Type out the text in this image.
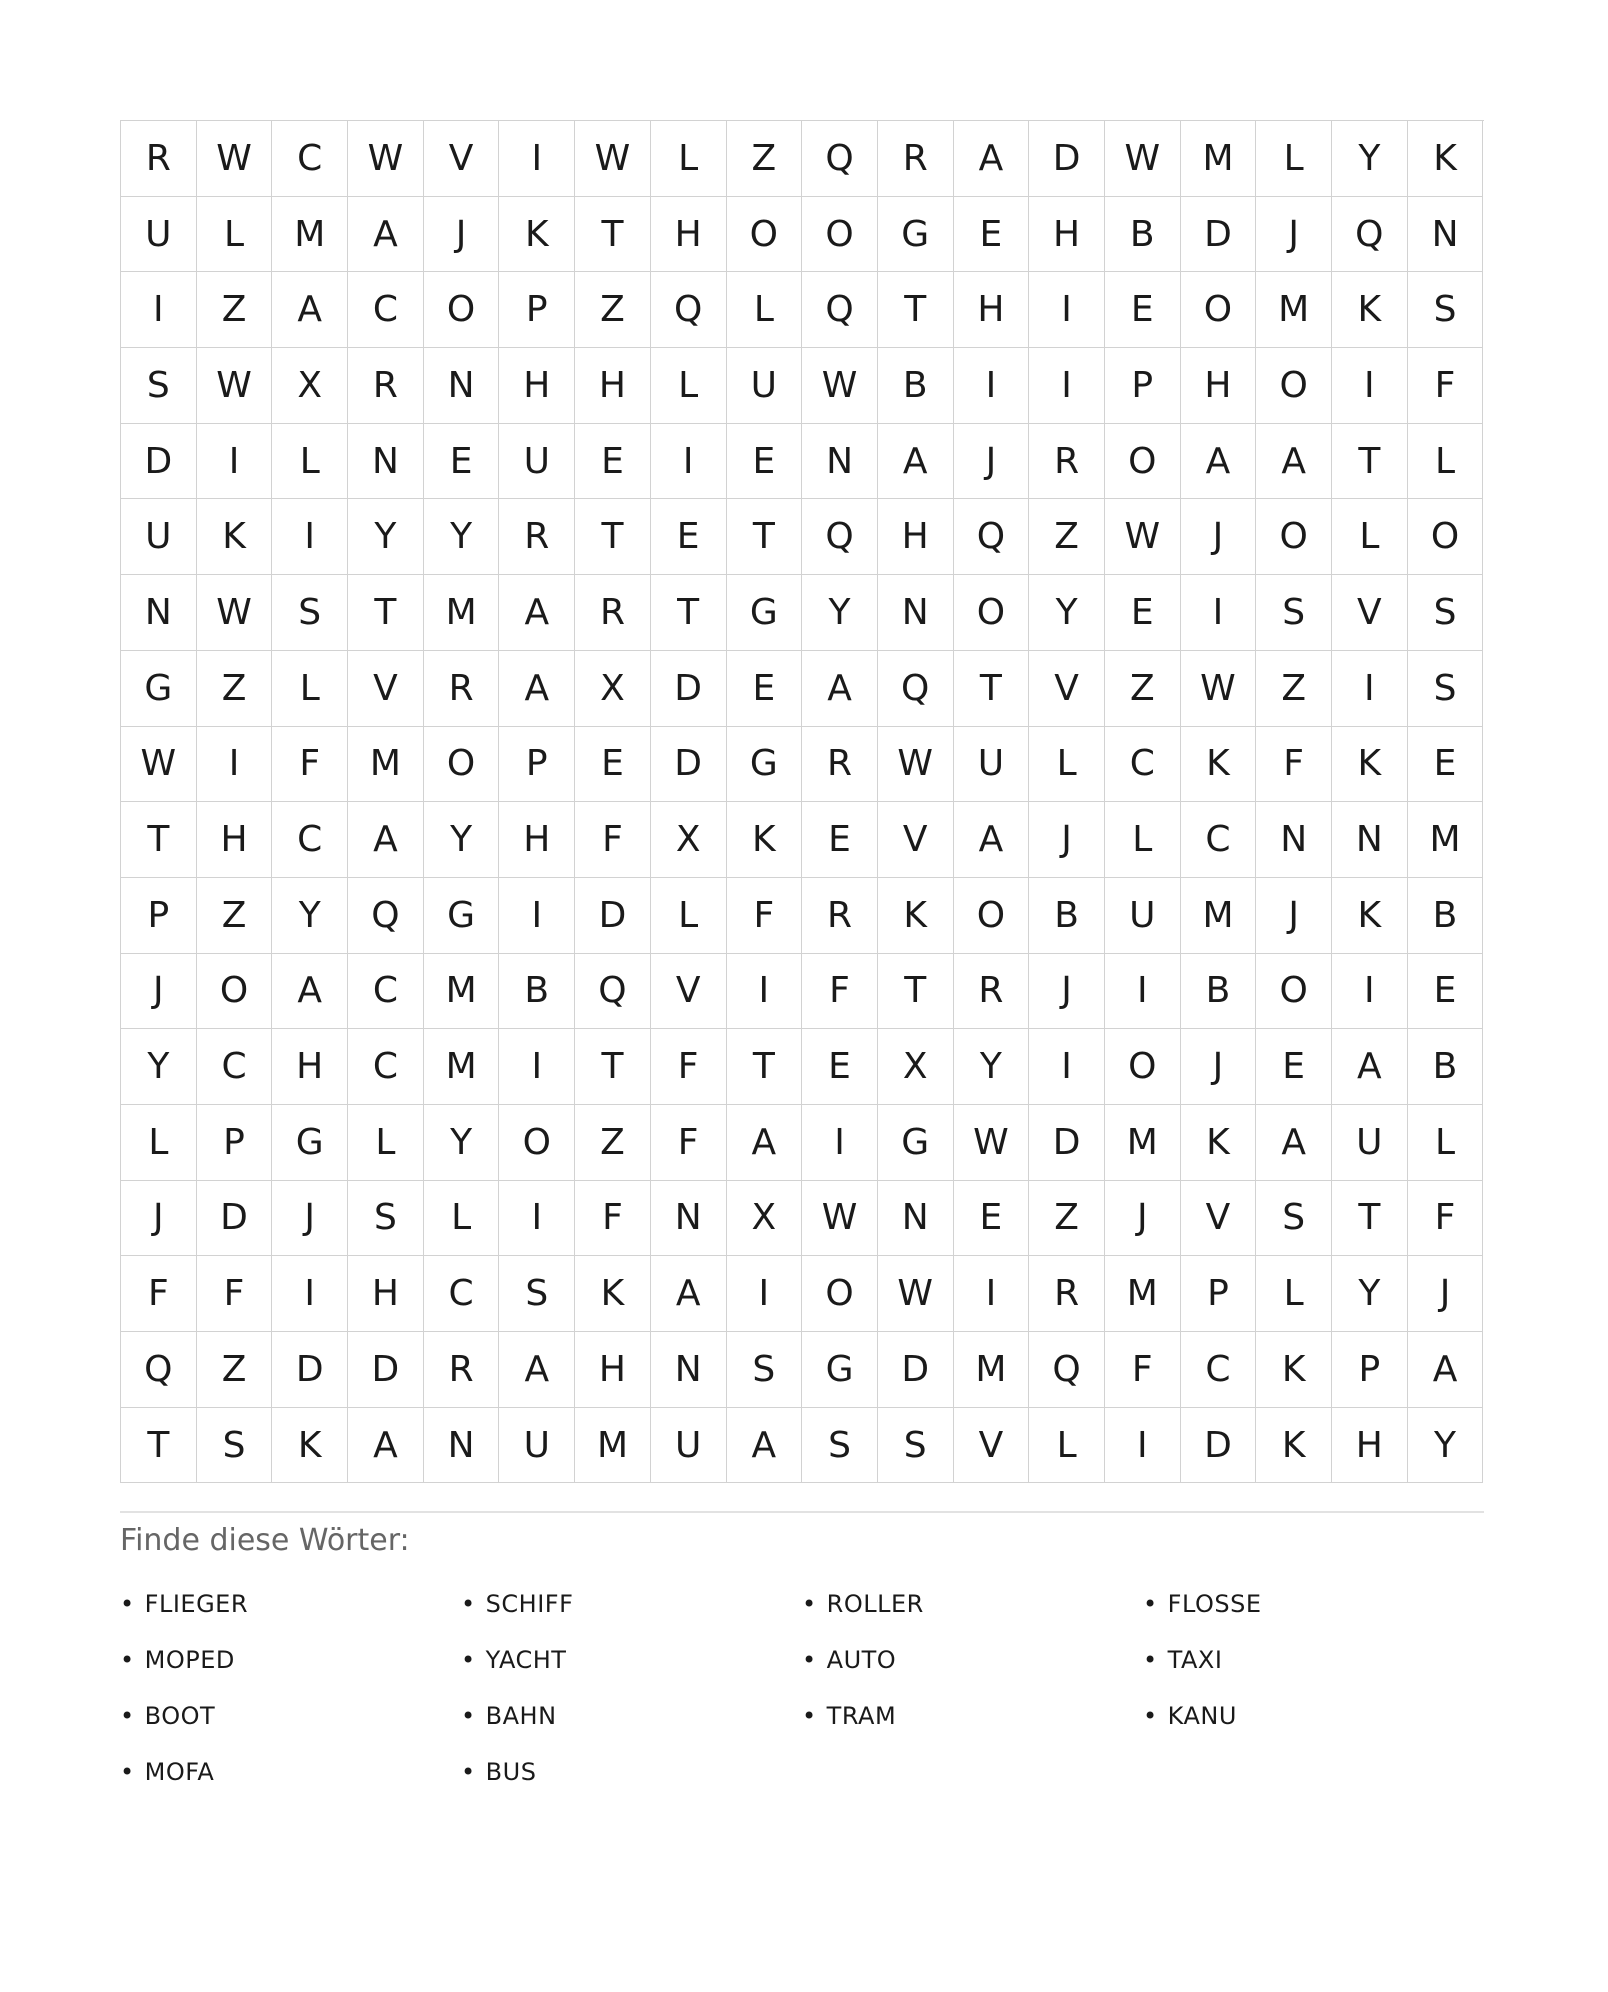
R	W	C	W	V	I	W	L	Z	Q	R	A	D	W	M	L	Y	K
U	L	M	A	J	K	T	H	O	O	G	E	H	B	D	J	Q	N
I	Z	A	C	O	P	Z	Q	L	Q	T	H	I	E	O	M	K	S
S	W	X	R	N	H	H	L	U	W	B	I	I	P	H	O	I	F
D	I	L	N	E	U	E	I	E	N	A	J	R	O	A	A	T	L
U	K	I	Y	Y	R	T	E	T	Q	H	Q	Z	W	J	O	L	O
N	W	S	T	M	A	R	T	G	Y	N	O	Y	E	I	S	V	S
G	Z	L	V	R	A	X	D	E	A	Q	T	V	Z	W	Z	I	S
W	I	F	M	O	P	E	D	G	R	W	U	L	C	K	F	K	E
T	H	C	A	Y	H	F	X	K	E	V	A	J	L	C	N	N	M
P	Z	Y	Q	G	I	D	L	F	R	K	O	B	U	M	J	K	B
J	O	A	C	M	B	Q	V	I	F	T	R	J	I	B	O	I	E
Y	C	H	C	M	I	T	F	T	E	X	Y	I	O	J	E	A	B
L	P	G	L	Y	O	Z	F	A	I	G	W	D	M	K	A	U	L
J	D	J	S	L	I	F	N	X	W	N	E	Z	J	V	S	T	F
F	F	I	H	C	S	K	A	I	O	W	I	R	M	P	L	Y	J
Q	Z	D	D	R	A	H	N	S	G	D	M	Q	F	C	K	P	A
T	S	K	A	N	U	M	U	A	S	S	V	L	I	D	K	H	Y
Finde diese Wörter:
• FLIEGER	• SCHIFF	• ROLLER	• FLOSSE
• MOPED	• YACHT	• AUTO	• TAXI
• BOOT	• BAHN	• TRAM	• KANU
• MOFA	• BUS
